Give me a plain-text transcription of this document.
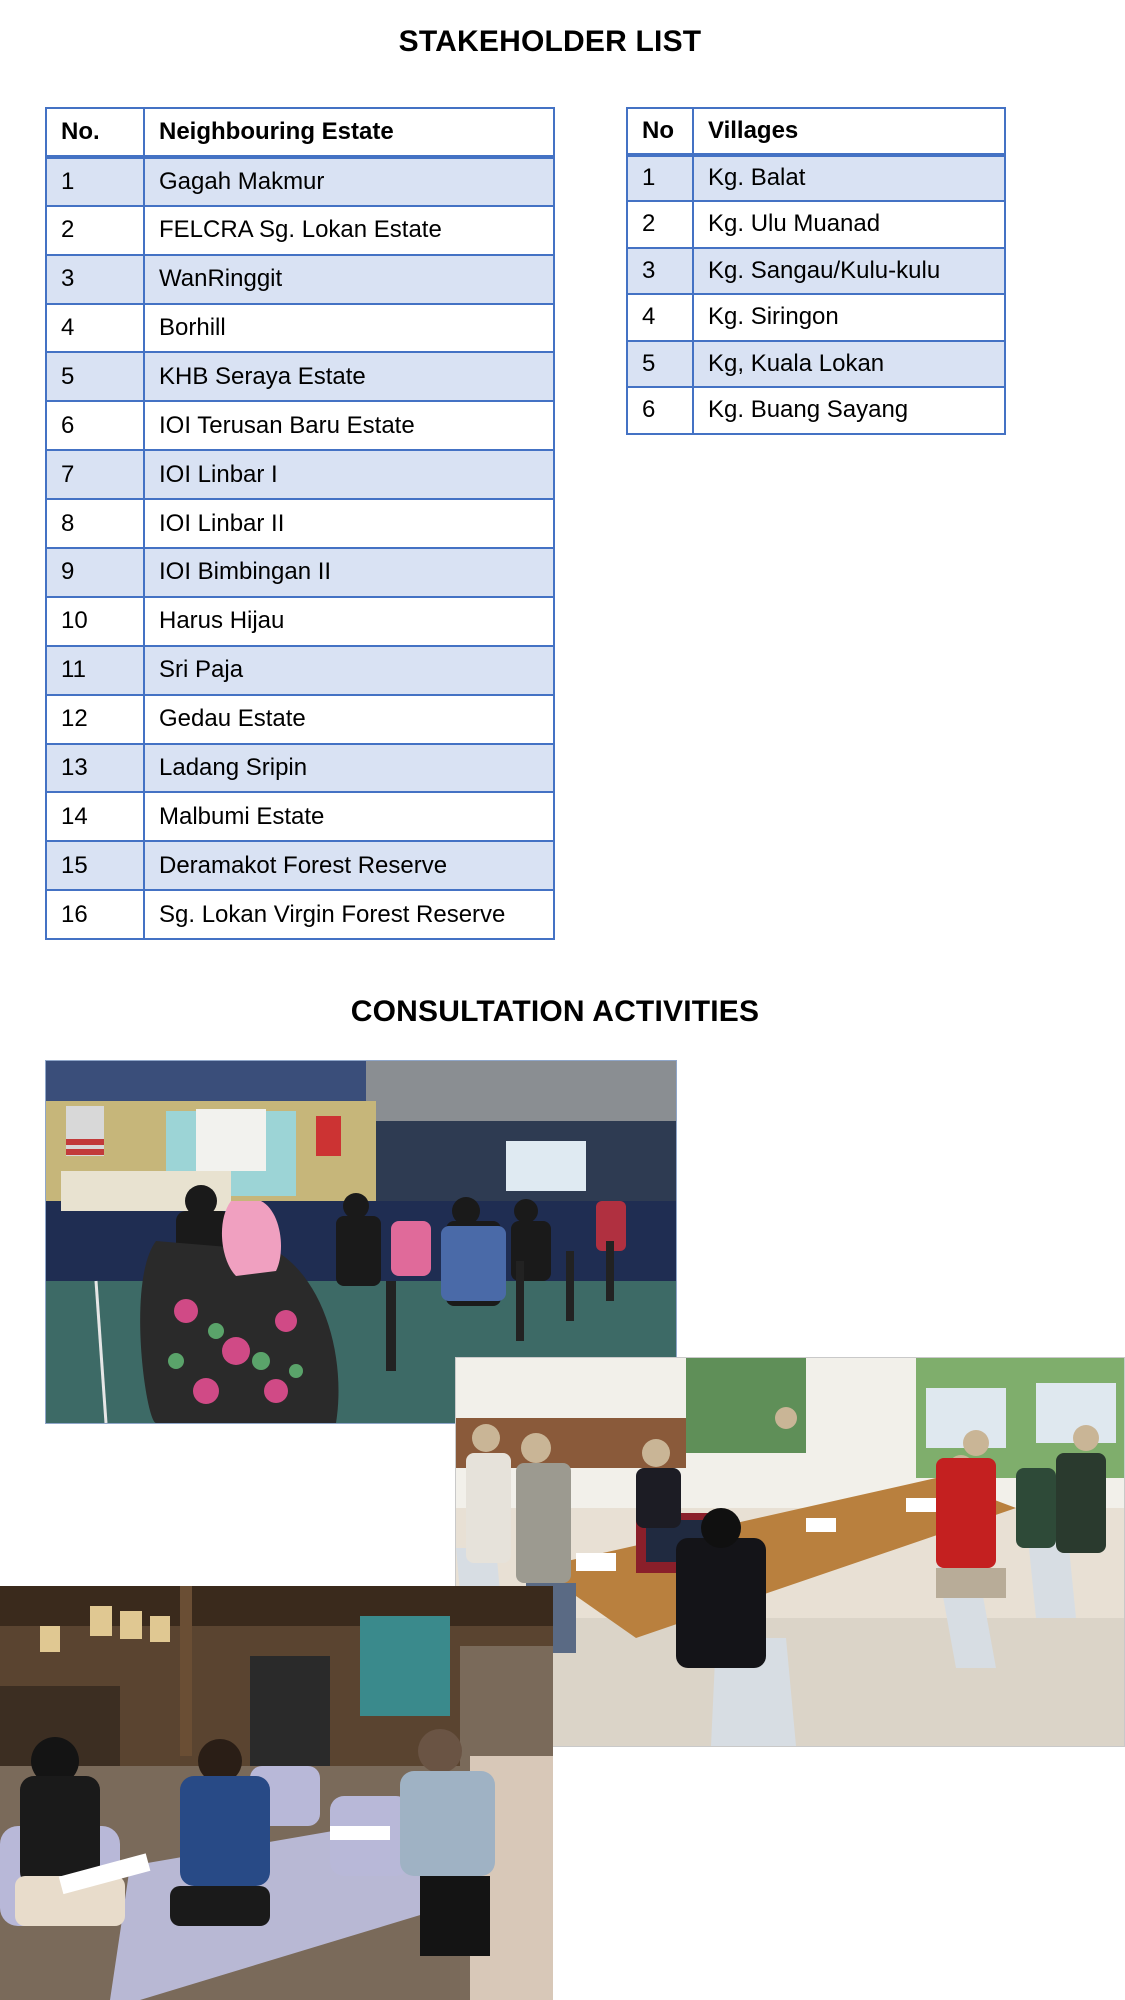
STAKEHOLDER LIST
No.	Neighbouring Estate
1	Gagah Makmur
2	FELCRA Sg. Lokan Estate
3	WanRinggit
4	Borhill
5	KHB Seraya Estate
6	IOI Terusan Baru Estate
7	IOI Linbar I
8	IOI Linbar II
9	IOI Bimbingan II
10	Harus Hijau
11	Sri Paja
12	Gedau Estate
13	Ladang Sripin
14	Malbumi Estate
15	Deramakot Forest Reserve
16	Sg. Lokan Virgin Forest Reserve
No	Villages
1	Kg. Balat
2	Kg. Ulu Muanad
3	Kg. Sangau/Kulu-kulu
4	Kg. Siringon
5	Kg, Kuala Lokan
6	Kg. Buang Sayang
CONSULTATION ACTIVITIES
